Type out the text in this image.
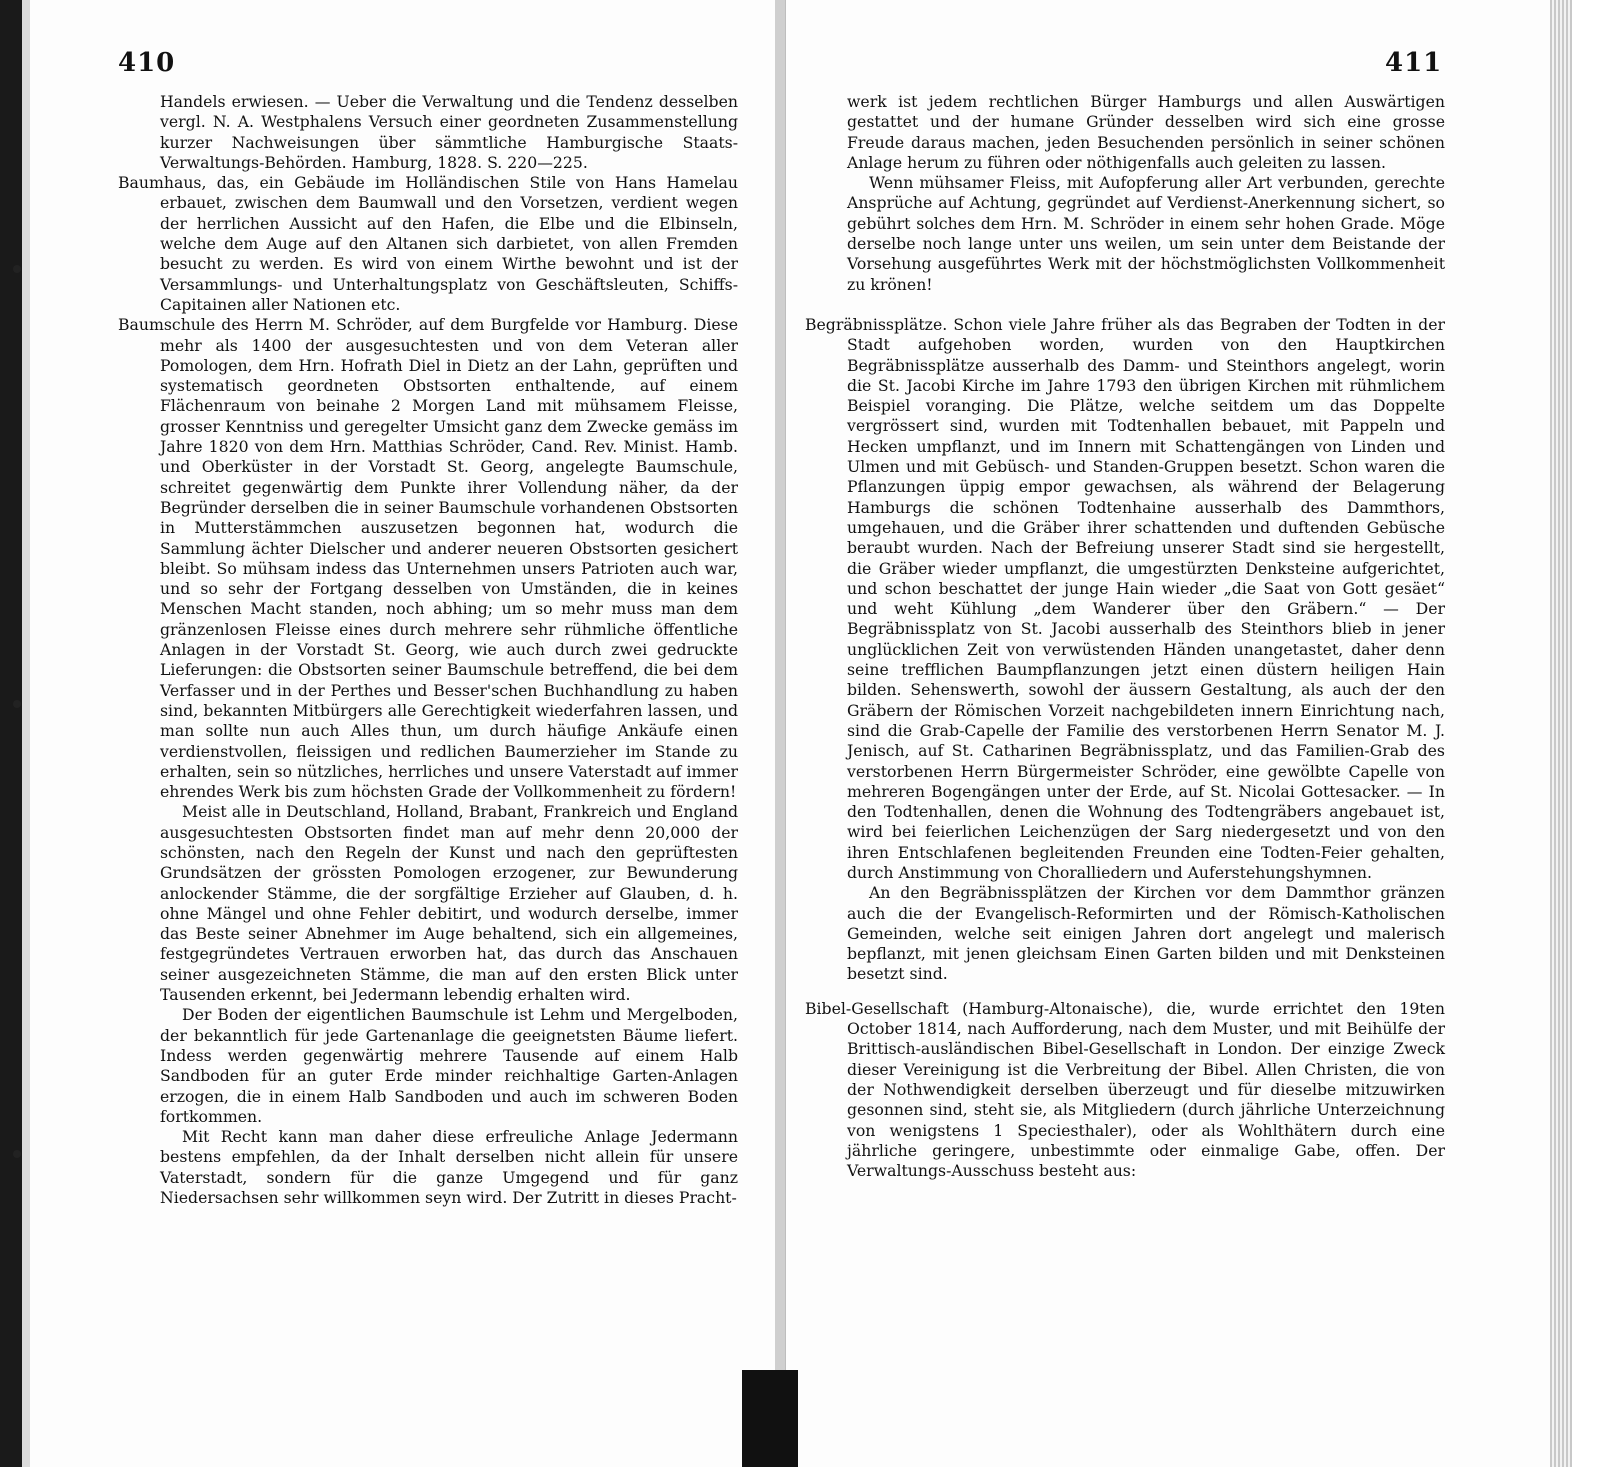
410	411

Handels erwiesen. — Ueber die Verwaltung und die Tendenz desselben vergl. N. A. Westphalens Versuch einer geordneten Zusammenstellung kurzer Nachweisungen über sämmtliche Hamburgische Staats-Verwaltungs-Behörden. Hamburg, 1828. S. 220—225.

Baumhaus, das, ein Gebäude im Holländischen Stile von Hans Hamelau erbauet, zwischen dem Baumwall und den Vorsetzen, verdient wegen der herrlichen Aussicht auf den Hafen, die Elbe und die Elbinseln, welche dem Auge auf den Altanen sich darbietet, von allen Fremden besucht zu werden. Es wird von einem Wirthe bewohnt und ist der Versammlungs- und Unterhaltungsplatz von Geschäftsleuten, Schiffs-Capitainen aller Nationen etc.

Baumschule des Herrn M. Schröder, auf dem Burgfelde vor Hamburg. Diese mehr als 1400 der ausgesuchtesten und von dem Veteran aller Pomologen, dem Hrn. Hofrath Diel in Dietz an der Lahn, geprüften und systematisch geordneten Obstsorten enthaltende, auf einem Flächenraum von beinahe 2 Morgen Land mit mühsamem Fleisse, grosser Kenntniss und geregelter Umsicht ganz dem Zwecke gemäss im Jahre 1820 von dem Hrn. Matthias Schröder, Cand. Rev. Minist. Hamb. und Oberküster in der Vorstadt St. Georg, angelegte Baumschule, schreitet gegenwärtig dem Punkte ihrer Vollendung näher, da der Begründer derselben die in seiner Baumschule vorhandenen Obstsorten in Mutterstämmchen auszusetzen begonnen hat, wodurch die Sammlung ächter Dielscher und anderer neueren Obstsorten gesichert bleibt. So mühsam indess das Unternehmen unsers Patrioten auch war, und so sehr der Fortgang desselben von Umständen, die in keines Menschen Macht standen, noch abhing; um so mehr muss man dem gränzenlosen Fleisse eines durch mehrere sehr rühmliche öffentliche Anlagen in der Vorstadt St. Georg, wie auch durch zwei gedruckte Lieferungen: die Obstsorten seiner Baumschule betreffend, die bei dem Verfasser und in der Perthes und Besser'schen Buchhandlung zu haben sind, bekannten Mitbürgers alle Gerechtigkeit wiederfahren lassen, und man sollte nun auch Alles thun, um durch häufige Ankäufe einen verdienstvollen, fleissigen und redlichen Baumerzieher im Stande zu erhalten, sein so nützliches, herrliches und unsere Vaterstadt auf immer ehrendes Werk bis zum höchsten Grade der Vollkommenheit zu fördern!

Meist alle in Deutschland, Holland, Brabant, Frankreich und England ausgesuchtesten Obstsorten findet man auf mehr denn 20,000 der schönsten, nach den Regeln der Kunst und nach den geprüftesten Grundsätzen der grössten Pomologen erzogener, zur Bewunderung anlockender Stämme, die der sorgfältige Erzieher auf Glauben, d. h. ohne Mängel und ohne Fehler debitirt, und wodurch derselbe, immer das Beste seiner Abnehmer im Auge behaltend, sich ein allgemeines, festgegründetes Vertrauen erworben hat, das durch das Anschauen seiner ausgezeichneten Stämme, die man auf den ersten Blick unter Tausenden erkennt, bei Jedermann lebendig erhalten wird.

Der Boden der eigentlichen Baumschule ist Lehm und Mergelboden, der bekanntlich für jede Gartenanlage die geeignetsten Bäume liefert. Indess werden gegenwärtig mehrere Tausende auf einem Halb Sandboden für an guter Erde minder reichhaltige Garten-Anlagen erzogen, die in einem Halb Sandboden und auch im schweren Boden fortkommen.

Mit Recht kann man daher diese erfreuliche Anlage Jedermann bestens empfehlen, da der Inhalt derselben nicht allein für unsere Vaterstadt, sondern für die ganze Umgegend und für ganz Niedersachsen sehr willkommen seyn wird. Der Zutritt in dieses Pracht-

werk ist jedem rechtlichen Bürger Hamburgs und allen Auswärtigen gestattet und der humane Gründer desselben wird sich eine grosse Freude daraus machen, jeden Besuchenden persönlich in seiner schönen Anlage herum zu führen oder nöthigenfalls auch geleiten zu lassen.

Wenn mühsamer Fleiss, mit Aufopferung aller Art verbunden, gerechte Ansprüche auf Achtung, gegründet auf Verdienst-Anerkennung sichert, so gebührt solches dem Hrn. M. Schröder in einem sehr hohen Grade. Möge derselbe noch lange unter uns weilen, um sein unter dem Beistande der Vorsehung ausgeführtes Werk mit der höchstmöglichsten Vollkommenheit zu krönen!

Begräbnissplätze. Schon viele Jahre früher als das Begraben der Todten in der Stadt aufgehoben worden, wurden von den Hauptkirchen Begräbnissplätze ausserhalb des Damm- und Steinthors angelegt, worin die St. Jacobi Kirche im Jahre 1793 den übrigen Kirchen mit rühmlichem Beispiel voranging. Die Plätze, welche seitdem um das Doppelte vergrössert sind, wurden mit Todtenhallen bebauet, mit Pappeln und Hecken umpflanzt, und im Innern mit Schattengängen von Linden und Ulmen und mit Gebüsch- und Standen-Gruppen besetzt. Schon waren die Pflanzungen üppig empor gewachsen, als während der Belagerung Hamburgs die schönen Todtenhaine ausserhalb des Dammthors, umgehauen, und die Gräber ihrer schattenden und duftenden Gebüsche beraubt wurden. Nach der Befreiung unserer Stadt sind sie hergestellt, die Gräber wieder umpflanzt, die umgestürzten Denksteine aufgerichtet, und schon beschattet der junge Hain wieder „die Saat von Gott gesäet“ und weht Kühlung „dem Wanderer über den Gräbern.“ — Der Begräbnissplatz von St. Jacobi ausserhalb des Steinthors blieb in jener unglücklichen Zeit von verwüstenden Händen unangetastet, daher denn seine trefflichen Baumpflanzungen jetzt einen düstern heiligen Hain bilden. Sehenswerth, sowohl der äussern Gestaltung, als auch der den Gräbern der Römischen Vorzeit nachgebildeten innern Einrichtung nach, sind die Grab-Capelle der Familie des verstorbenen Herrn Senator M. J. Jenisch, auf St. Catharinen Begräbnissplatz, und das Familien-Grab des verstorbenen Herrn Bürgermeister Schröder, eine gewölbte Capelle von mehreren Bogengängen unter der Erde, auf St. Nicolai Gottesacker. — In den Todtenhallen, denen die Wohnung des Todtengräbers angebauet ist, wird bei feierlichen Leichenzügen der Sarg niedergesetzt und von den ihren Entschlafenen begleitenden Freunden eine Todten-Feier gehalten, durch Anstimmung von Choralliedern und Auferstehungshymnen.

An den Begräbnissplätzen der Kirchen vor dem Dammthor gränzen auch die der Evangelisch-Reformirten und der Römisch-Katholischen Gemeinden, welche seit einigen Jahren dort angelegt und malerisch bepflanzt, mit jenen gleichsam Einen Garten bilden und mit Denksteinen besetzt sind.

Bibel-Gesellschaft (Hamburg-Altonaische), die, wurde errichtet den 19ten October 1814, nach Aufforderung, nach dem Muster, und mit Beihülfe der Brittisch-ausländischen Bibel-Gesellschaft in London. Der einzige Zweck dieser Vereinigung ist die Verbreitung der Bibel. Allen Christen, die von der Nothwendigkeit derselben überzeugt und für dieselbe mitzuwirken gesonnen sind, steht sie, als Mitgliedern (durch jährliche Unterzeichnung von wenigstens 1 Speciesthaler), oder als Wohlthätern durch eine jährliche geringere, unbestimmte oder einmalige Gabe, offen. Der Verwaltungs-Ausschuss besteht aus:
